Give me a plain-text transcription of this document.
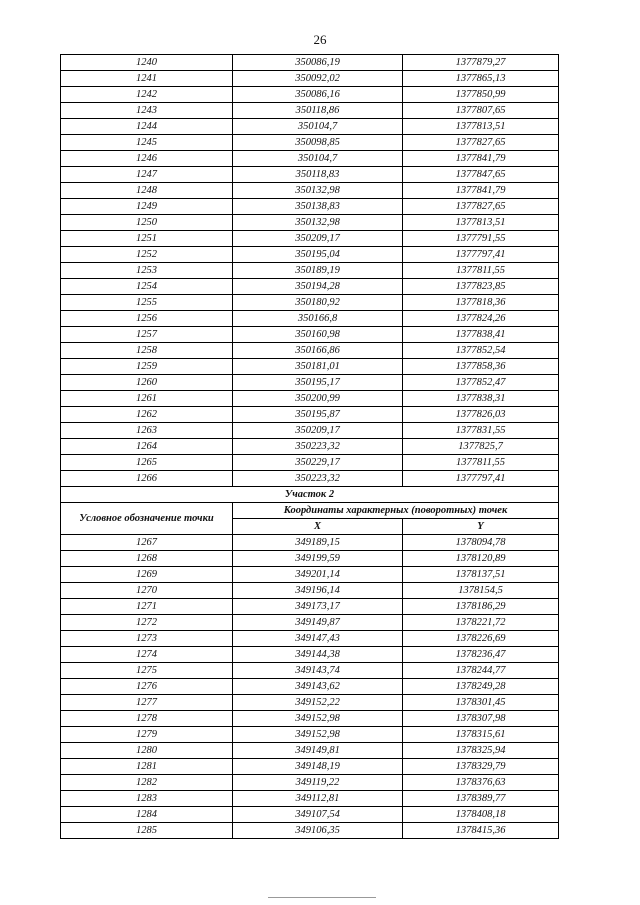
26
1240	350086,19	1377879,27
1241	350092,02	1377865,13
1242	350086,16	1377850,99
1243	350118,86	1377807,65
1244	350104,7	1377813,51
1245	350098,85	1377827,65
1246	350104,7	1377841,79
1247	350118,83	1377847,65
1248	350132,98	1377841,79
1249	350138,83	1377827,65
1250	350132,98	1377813,51
1251	350209,17	1377791,55
1252	350195,04	1377797,41
1253	350189,19	1377811,55
1254	350194,28	1377823,85
1255	350180,92	1377818,36
1256	350166,8	1377824,26
1257	350160,98	1377838,41
1258	350166,86	1377852,54
1259	350181,01	1377858,36
1260	350195,17	1377852,47
1261	350200,99	1377838,31
1262	350195,87	1377826,03
1263	350209,17	1377831,55
1264	350223,32	1377825,7
1265	350229,17	1377811,55
1266	350223,32	1377797,41
Участок 2		
Условное обозначение точки	Координаты характерных (поворотных) точек	
	X	Y
1267	349189,15	1378094,78
1268	349199,59	1378120,89
1269	349201,14	1378137,51
1270	349196,14	1378154,5
1271	349173,17	1378186,29
1272	349149,87	1378221,72
1273	349147,43	1378226,69
1274	349144,38	1378236,47
1275	349143,74	1378244,77
1276	349143,62	1378249,28
1277	349152,22	1378301,45
1278	349152,98	1378307,98
1279	349152,98	1378315,61
1280	349149,81	1378325,94
1281	349148,19	1378329,79
1282	349119,22	1378376,63
1283	349112,81	1378389,77
1284	349107,54	1378408,18
1285	349106,35	1378415,36
